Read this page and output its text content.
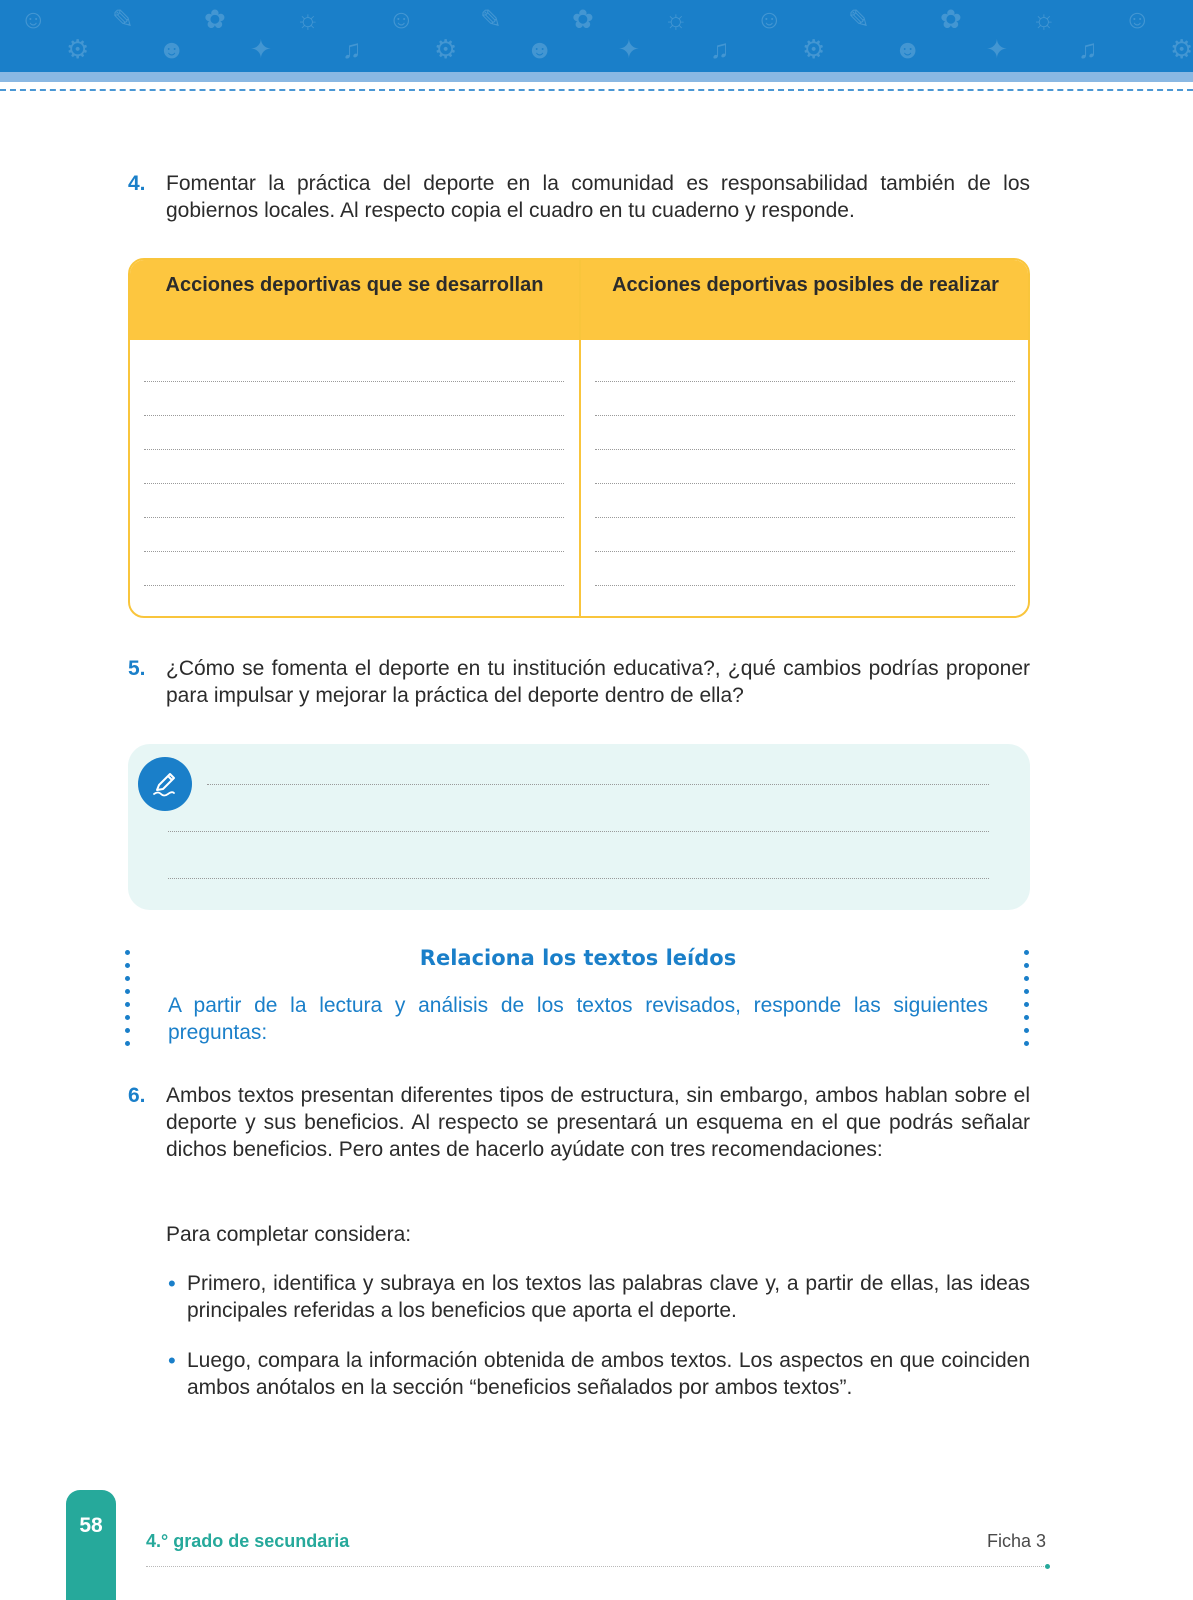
☺
⚙
✎
☻
✿
✦
☼
♫
☺
⚙
✎
☻
✿
✦
☼
♫
☺
⚙
✎
☻
✿
✦
☼
♫
☺
⚙
4. Fomentar la práctica del deporte en la comunidad es responsabilidad también de los gobiernos locales. Al respecto copia el cuadro en tu cuaderno y responde.
Acciones deportivas que se desarrollan	Acciones deportivas posibles de realizar
5. ¿Cómo se fomenta el deporte en tu institución educativa?, ¿qué cambios podrías proponer para impulsar y mejorar la práctica del deporte dentro de ella?
Relaciona los textos leídos
A partir de la lectura y análisis de los textos revisados, responde las siguientes preguntas:
6. Ambos textos presentan diferentes tipos de estructura, sin embargo, ambos hablan sobre el deporte y sus beneficios. Al respecto se presentará un esquema en el que podrás señalar dichos beneficios. Pero antes de hacerlo ayúdate con tres recomendaciones:
Para completar considera:
• Primero, identifica y subraya en los textos las palabras clave y, a partir de ellas, las ideas principales referidas a los beneficios que aporta el deporte.
• Luego, compara la información obtenida de ambos textos. Los aspectos en que coinciden ambos anótalos en la sección “beneficios señalados por ambos textos”.
58
4.° grado de secundaria	Ficha 3
